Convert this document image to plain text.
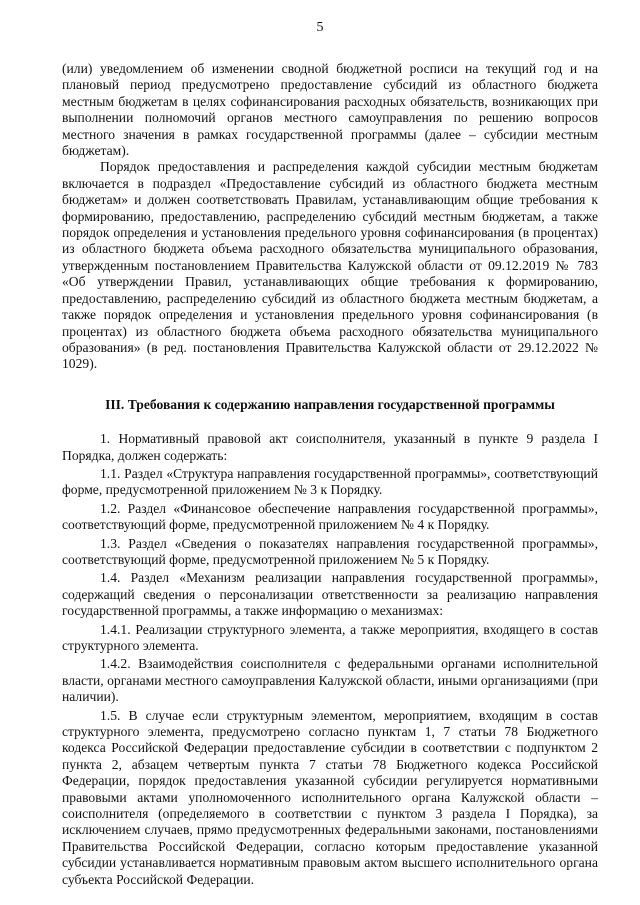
5

(или) уведомлением об изменении сводной бюджетной росписи на текущий год и на плановый период предусмотрено предоставление субсидий из областного бюджета местным бюджетам в целях софинансирования расходных обязательств, возникающих при выполнении полномочий органов местного самоуправления по решению вопросов местного значения в рамках государственной программы (далее – субсидии местным бюджетам).

Порядок предоставления и распределения каждой субсидии местным бюджетам включается в подраздел «Предоставление субсидий из областного бюджета местным бюджетам» и должен соответствовать Правилам, устанавливающим общие требования к формированию, предоставлению, распределению субсидий местным бюджетам, а также порядок определения и установления предельного уровня софинансирования (в процентах) из областного бюджета объема расходного обязательства муниципального образования, утвержденным постановлением Правительства Калужской области от 09.12.2019 № 783 «Об утверждении Правил, устанавливающих общие требования к формированию, предоставлению, распределению субсидий из областного бюджета местным бюджетам, а также порядок определения и установления предельного уровня софинансирования (в процентах) из областного бюджета объема расходного обязательства муниципального образования» (в ред. постановления Правительства Калужской области от 29.12.2022 № 1029).

III. Требования к содержанию направления государственной программы

1. Нормативный правовой акт соисполнителя, указанный в пункте 9 раздела I Порядка, должен содержать:

1.1. Раздел «Структура направления государственной программы», соответствующий форме, предусмотренной приложением № 3 к Порядку.

1.2. Раздел «Финансовое обеспечение направления государственной программы», соответствующий форме, предусмотренной приложением № 4 к Порядку.

1.3. Раздел «Сведения о показателях направления государственной программы», соответствующий форме, предусмотренной приложением № 5 к Порядку.

1.4. Раздел «Механизм реализации направления государственной программы», содержащий сведения о персонализации ответственности за реализацию направления государственной программы, а также информацию о механизмах:

1.4.1. Реализации структурного элемента, а также мероприятия, входящего в состав структурного элемента.

1.4.2. Взаимодействия соисполнителя с федеральными органами исполнительной власти, органами местного самоуправления Калужской области, иными организациями (при наличии).

1.5. В случае если структурным элементом, мероприятием, входящим в состав структурного элемента, предусмотрено согласно пунктам 1, 7 статьи 78 Бюджетного кодекса Российской Федерации предоставление субсидии в соответствии с подпунктом 2 пункта 2, абзацем четвертым пункта 7 статьи 78 Бюджетного кодекса Российской Федерации, порядок предоставления указанной субсидии регулируется нормативными правовыми актами уполномоченного исполнительного органа Калужской области – соисполнителя (определяемого в соответствии с пунктом 3 раздела I Порядка), за исключением случаев, прямо предусмотренных федеральными законами, постановлениями Правительства Российской Федерации, согласно которым предоставление указанной субсидии устанавливается нормативным правовым актом высшего исполнительного органа субъекта Российской Федерации.
